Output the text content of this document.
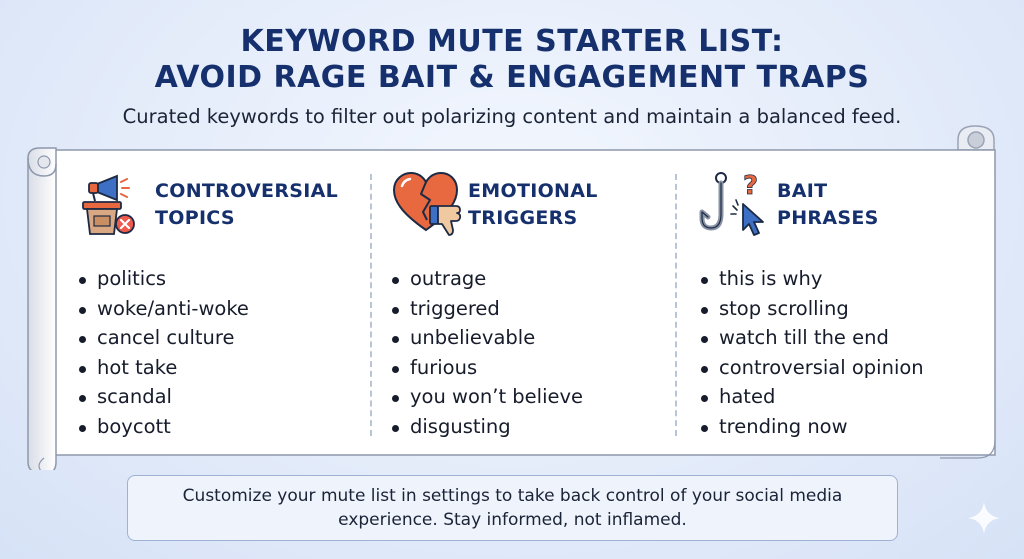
KEYWORD MUTE STARTER LIST:
AVOID RAGE BAIT & ENGAGEMENT TRAPS
Curated keywords to filter out polarizing content and maintain a balanced feed.
CONTROVERSIAL
TOPICS
politics
woke/anti-woke
cancel culture
hot take
scandal
boycott
EMOTIONAL
TRIGGERS
outrage
triggered
unbelievable
furious
you won’t believe
disgusting
? BAIT
PHRASES
this is why
stop scrolling
watch till the end
controversial opinion
hated
trending now
Customize your mute list in settings to take back control of your social media experience. Stay informed, not inflamed.
